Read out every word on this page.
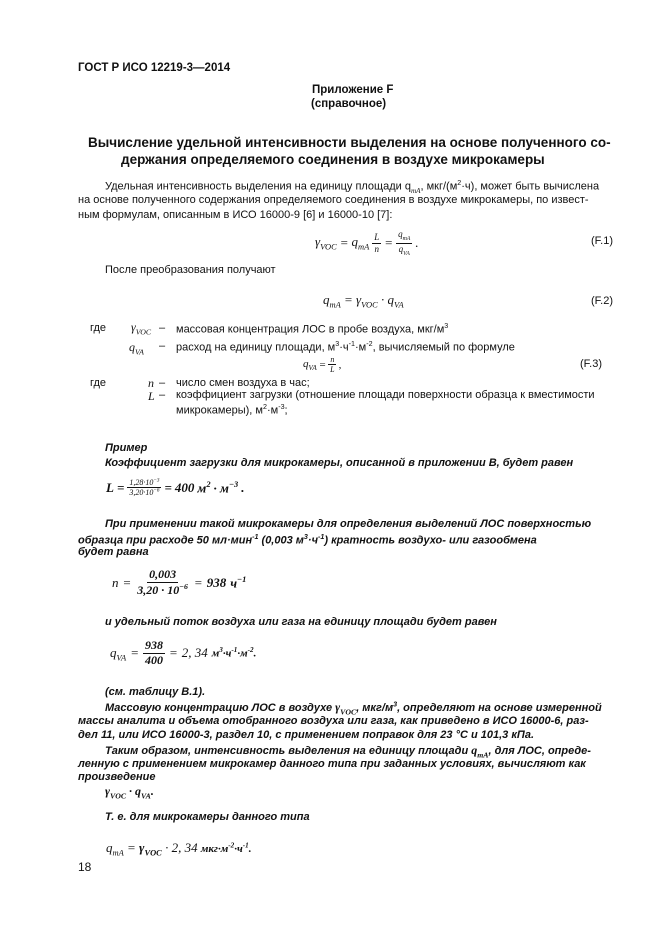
ГОСТ Р ИСО 12219-3—2014
Приложение F
(справочное)
Вычисление удельной интенсивности выделения на основе полученного со-
держания определяемого соединения в воздухе микрокамеры
Удельная интенсивность выделения на единицу площади $q_{mA}$, мкг/$(м^2\cdot ч)$, может быть вычислена
на основе полученного содержания определяемого соединения в воздухе микрокамеры, по извест-
ным формулам, описанным в ИСО 16000-9 [6] и 16000-10 [7]:
$\gamma_{VOC} = q_{mA} \frac{L}{n} = \frac{q_{mA}}{q_{VA}}$ .	(F.1)
После преобразования получают
$q_{mA} = \gamma_{VOC} \cdot q_{VA}$	(F.2)
где $\gamma_{VOC}$ – массовая концентрация ЛОС в пробе воздуха, мкг/$м^3$
$q_{VA}$ – расход на единицу площади, $м^3\cdot ч^{-1}\cdot м^{-2}$, вычисляемый по формуле
$q_{VA} = \frac{n}{L}$ ,	(F.3)
где	n – число смен воздуха в час;
L – коэффициент загрузки (отношение площади поверхности образца к вместимости
микрокамеры), $м^2\cdot м^{-3}$;
Пример
Коэффициент загрузки для микрокамеры, описанной в приложении В, будет равен
$L = \frac{1,28\cdot 10^{-3}}{3,20\cdot 10^{-6}} = 400$ $м^2 \cdot м^{-3}$ .
При применении такой микрокамеры для определения выделений ЛОС поверхностью
образца при расходе 50 мл·мин$^{-1}$ (0,003 $м^3\cdot ч^{-1}$) кратность воздухо- или газообмена
будет равна
$n = \frac{0,003}{3,20 \cdot 10^{-6}} = 938$ $ч^{-1}$
и удельный поток воздуха или газа на единицу площади будет равен
$q_{VA} = \frac{938}{400} = 2$, 34 $м^3\cdot ч^{-1}\cdot м^{-2}$.
(см. таблицу В.1).
Массовую концентрацию ЛОС в воздухе $\gamma_{VOC}$, мкг/$м^3$, определяют на основе измеренной
массы аналита и объема отобранного воздуха или газа, как приведено в ИСО 16000-6, раз-
дел 11, или ИСО 16000-3, раздел 10, с применением поправок для 23 °C и 101,3 кПа.
Таким образом, интенсивность выделения на единицу площади $q_{mA}$, для ЛОС, опреде-
ленную с применением микрокамер данного типа при заданных условиях, вычисляют как
произведение
$\gamma_{VOC} \cdot q_{VA}$.
Т. е. для микрокамеры данного типа
$q_{mA} = \gamma_{VOC} \cdot 2$, 34 $мкг\cdot м^{-2}\cdot ч^{-1}$.
18
